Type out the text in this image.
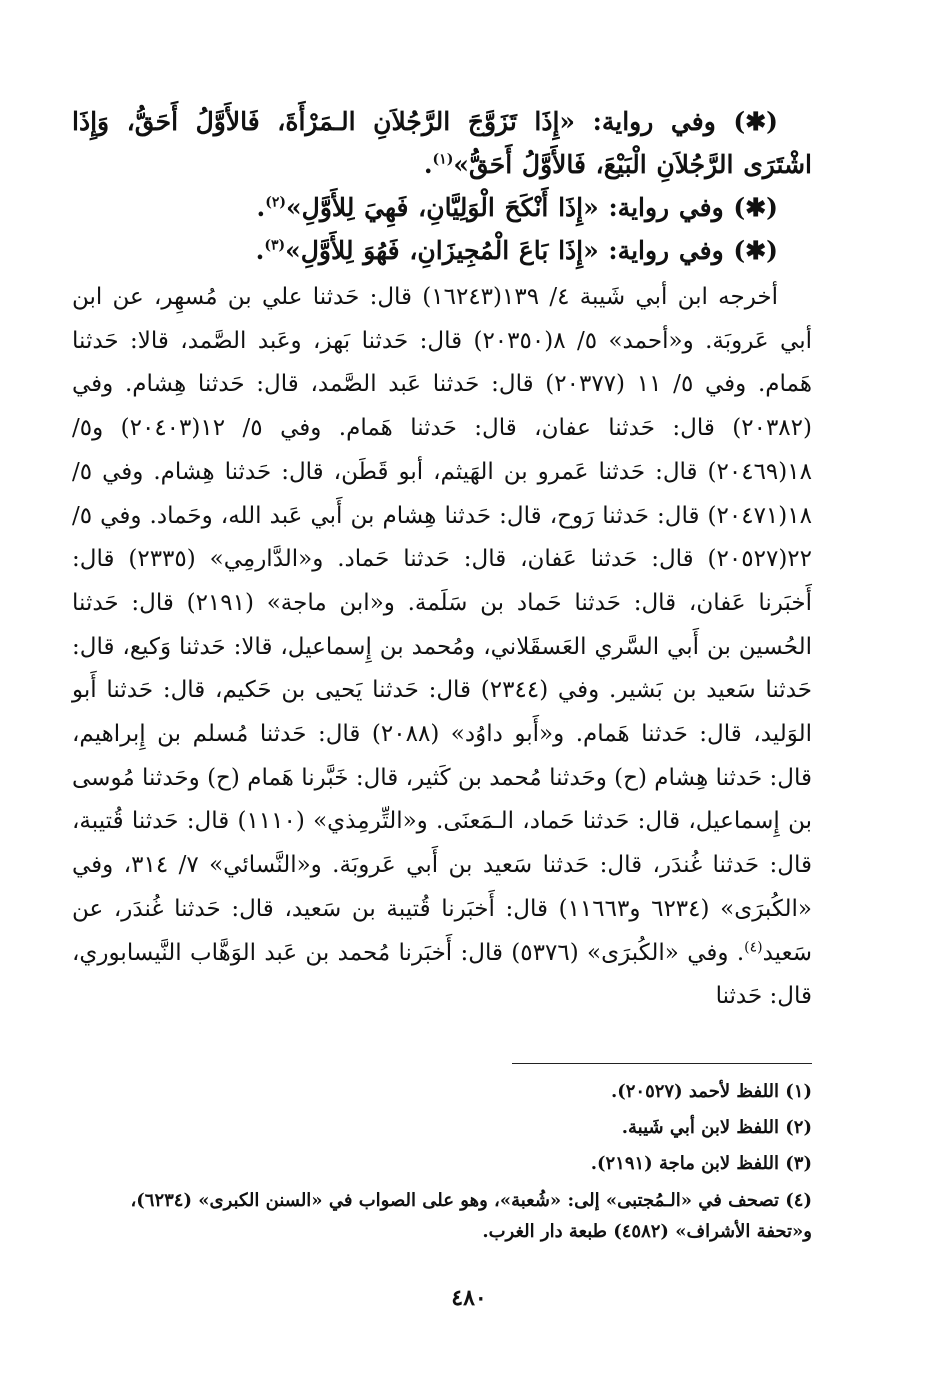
(✱) وفي رواية: «إِذَا تَزَوَّجَ الرَّجُلاَنِ الـمَرْأَةَ، فَالأَوَّلُ أَحَقُّ، وَإِذَا اشْتَرَى الرَّجُلاَنِ الْبَيْعَ، فَالأَوَّلُ أَحَقُّ»$^{(١)}$.

(✱) وفي رواية: «إِذَا أَنْكَحَ الْوَلِيَّانِ، فَهِيَ لِلأَوَّلِ»$^{(٢)}$.

(✱) وفي رواية: «إِذَا بَاعَ الْمُجِيزَانِ، فَهُوَ لِلأَوَّلِ»$^{(٣)}$.

أخرجه ابن أبي شَيبة ٤/ ١٣٩(١٦٢٤٣) قال: حَدثنا علي بن مُسهِر، عن ابن أبي عَروبَة. و«أحمد» ٥/ ٨(٢٠٣٥٠) قال: حَدثنا بَهز، وعَبد الصَّمد، قالا: حَدثنا هَمام. وفي ٥/ ١١ (٢٠٣٧٧) قال: حَدثنا عَبد الصَّمد، قال: حَدثنا هِشام. وفي (٢٠٣٨٢) قال: حَدثنا عفان، قال: حَدثنا هَمام. وفي ٥/ ١٢(٢٠٤٠٣) و٥/ ١٨(٢٠٤٦٩) قال: حَدثنا عَمرو بن الهَيثم، أبو قَطَن، قال: حَدثنا هِشام. وفي ٥/ ١٨(٢٠٤٧١) قال: حَدثنا رَوح، قال: حَدثنا هِشام بن أَبي عَبد الله، وحَماد. وفي ٥/ ٢٢(٢٠٥٢٧) قال: حَدثنا عَفان، قال: حَدثنا حَماد. و«الدَّارمِي» (٢٣٣٥) قال: أَخبَرنا عَفان، قال: حَدثنا حَماد بن سَلَمة. و«ابن ماجة» (٢١٩١) قال: حَدثنا الحُسين بن أَبي السَّري العَسقَلاني، ومُحمد بن إِسماعيل، قالا: حَدثنا وَكيع، قال: حَدثنا سَعيد بن بَشير. وفي (٢٣٤٤) قال: حَدثنا يَحيى بن حَكيم، قال: حَدثنا أَبو الوَليد، قال: حَدثنا هَمام. و«أَبو داوُد» (٢٠٨٨) قال: حَدثنا مُسلم بن إِبراهيم، قال: حَدثنا هِشام (ح) وحَدثنا مُحمد بن كَثير، قال: خَبَّرنا هَمام (ح) وحَدثنا مُوسى بن إِسماعيل، قال: حَدثنا حَماد، الـمَعنَى. و«التِّرمِذي» (١١١٠) قال: حَدثنا قُتيبة، قال: حَدثنا غُندَر، قال: حَدثنا سَعيد بن أَبي عَروبَة. و«النَّسائي» ٧/ ٣١٤، وفي «الكُبرَى» (٦٢٣٤ و١١٦٦٣) قال: أَخبَرنا قُتيبة بن سَعيد، قال: حَدثنا غُندَر، عن سَعيد$^{(٤)}$. وفي «الكُبرَى» (٥٣٧٦) قال: أَخبَرنا مُحمد بن عَبد الوَهَّاب النَّيسابوري، قال: حَدثنا

(١) اللفظ لأحمد (٢٠٥٢٧).

(٢) اللفظ لابن أبي شَيبة.

(٣) اللفظ لابن ماجة (٢١٩١).

(٤) تصحف في «الـمُجتبى» إلى: «شُعبة»، وهو على الصواب في «السنن الكبرى» (٦٢٣٤)، و«تحفة الأشراف» (٤٥٨٢) طبعة دار الغرب.

٤٨٠
